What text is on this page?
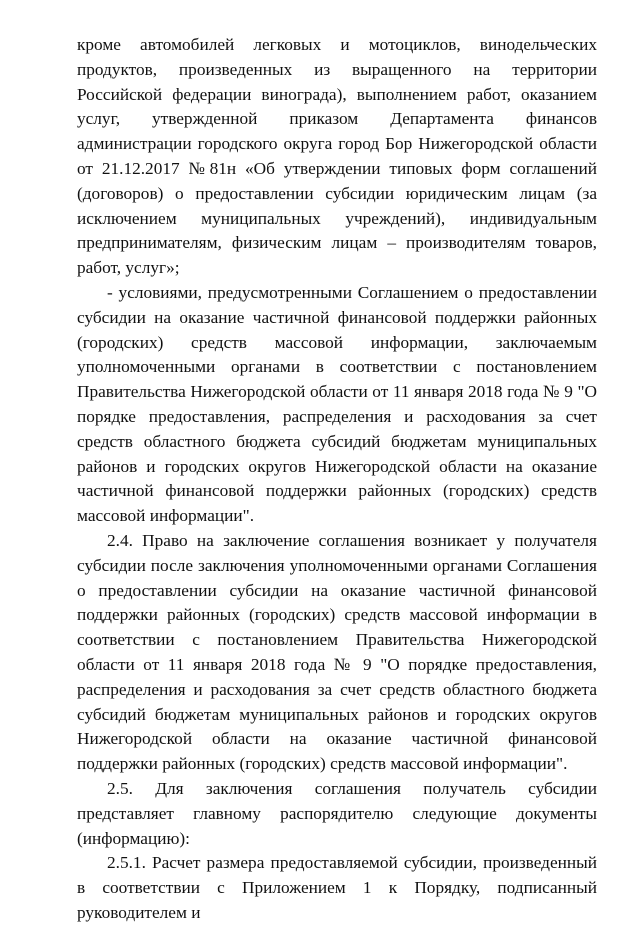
кроме автомобилей легковых и мотоциклов, винодельческих продуктов, произведенных из выращенного на территории Российской федерации винограда), выполнением работ, оказанием услуг, утвержденной приказом Департамента финансов администрации городского округа город Бор Нижегородской области от 21.12.2017 №81н «Об утверждении типовых форм соглашений (договоров) о предоставлении субсидии юридическим лицам (за исключением муниципальных учреждений), индивидуальным предпринимателям, физическим лицам – производителям товаров, работ, услуг»;

- условиями, предусмотренными Соглашением о предоставлении субсидии на оказание частичной финансовой поддержки районных (городских) средств массовой информации, заключаемым уполномоченными органами в соответствии с постановлением Правительства Нижегородской области от 11 января 2018 года № 9 "О порядке предоставления, распределения и расходования за счет средств областного бюджета субсидий бюджетам муниципальных районов и городских округов Нижегородской области на оказание частичной финансовой поддержки районных (городских) средств массовой информации".

2.4. Право на заключение соглашения возникает у получателя субсидии после заключения уполномоченными органами Соглашения о предоставлении субсидии на оказание частичной финансовой поддержки районных (городских) средств массовой информации в соответствии с постановлением Правительства Нижегородской области от 11 января 2018 года № 9 "О порядке предоставления, распределения и расходования за счет средств областного бюджета субсидий бюджетам муниципальных районов и городских округов Нижегородской области на оказание частичной финансовой поддержки районных (городских) средств массовой информации".

2.5. Для заключения соглашения получатель субсидии представляет главному распорядителю следующие документы (информацию):

2.5.1. Расчет размера предоставляемой субсидии, произведенный в соответствии с Приложением 1 к Порядку, подписанный руководителем и
